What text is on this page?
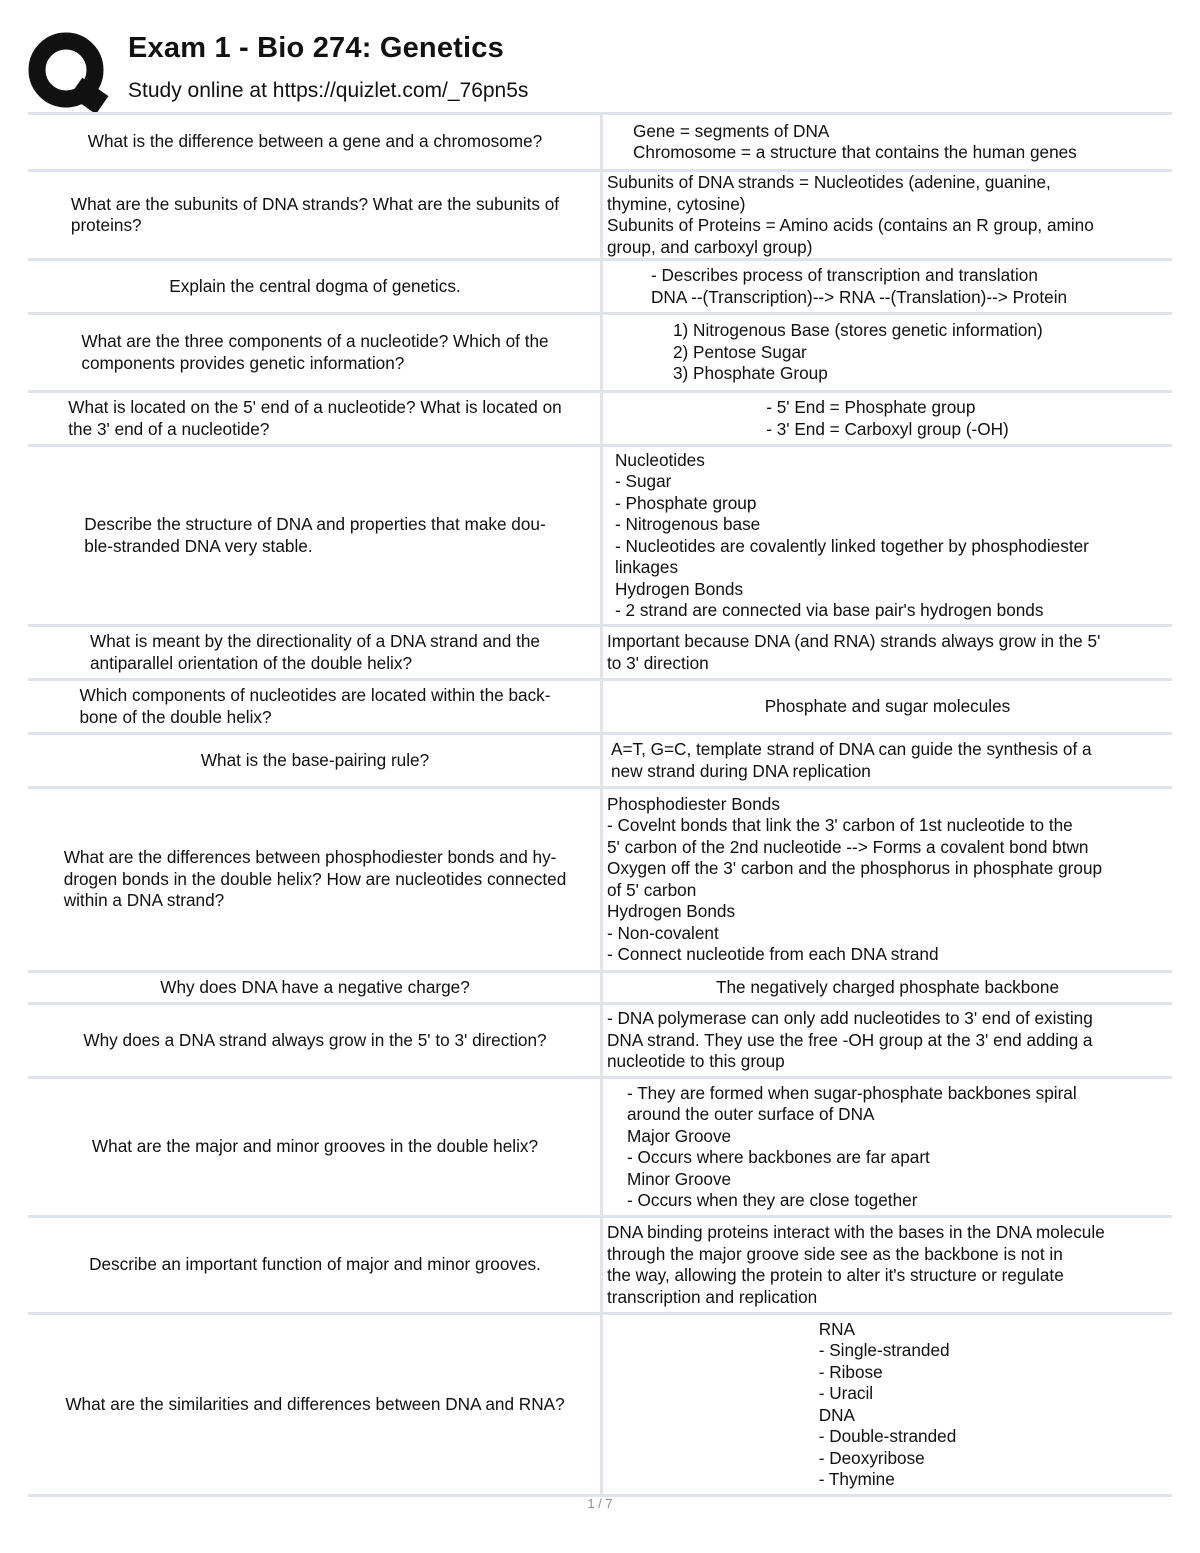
Exam 1 - Bio 274: Genetics
Study online at https://quizlet.com/_76pn5s
What is the difference between a gene and a chromosome?
Gene = segments of DNA
Chromosome = a structure that contains the human genes
What are the subunits of DNA strands? What are the subunits of
proteins?
Subunits of DNA strands = Nucleotides (adenine, guanine,
thymine, cytosine)
Subunits of Proteins = Amino acids (contains an R group, amino
group, and carboxyl group)
Explain the central dogma of genetics.
- Describes process of transcription and translation
DNA --(Transcription)--> RNA --(Translation)--> Protein
What are the three components of a nucleotide? Which of the
components provides genetic information?
1) Nitrogenous Base (stores genetic information)
2) Pentose Sugar
3) Phosphate Group
What is located on the 5' end of a nucleotide? What is located on
the 3' end of a nucleotide?
- 5' End = Phosphate group
- 3' End = Carboxyl group (-OH)
Describe the structure of DNA and properties that make dou-
ble-stranded DNA very stable.
Nucleotides
- Sugar
- Phosphate group
- Nitrogenous base
- Nucleotides are covalently linked together by phosphodiester
linkages
Hydrogen Bonds
- 2 strand are connected via base pair's hydrogen bonds
What is meant by the directionality of a DNA strand and the
antiparallel orientation of the double helix?
Important because DNA (and RNA) strands always grow in the 5'
to 3' direction
Which components of nucleotides are located within the back-
bone of the double helix?
Phosphate and sugar molecules
What is the base-pairing rule?
A=T, G=C, template strand of DNA can guide the synthesis of a
new strand during DNA replication
What are the differences between phosphodiester bonds and hy-
drogen bonds in the double helix? How are nucleotides connected
within a DNA strand?
Phosphodiester Bonds
- Covelnt bonds that link the 3' carbon of 1st nucleotide to the
5' carbon of the 2nd nucleotide --> Forms a covalent bond btwn
Oxygen off the 3' carbon and the phosphorus in phosphate group
of 5' carbon
Hydrogen Bonds
- Non-covalent
- Connect nucleotide from each DNA strand
Why does DNA have a negative charge?	The negatively charged phosphate backbone
Why does a DNA strand always grow in the 5' to 3' direction?
- DNA polymerase can only add nucleotides to 3' end of existing
DNA strand. They use the free -OH group at the 3' end adding a
nucleotide to this group
What are the major and minor grooves in the double helix?
- They are formed when sugar-phosphate backbones spiral
around the outer surface of DNA
Major Groove
- Occurs where backbones are far apart
Minor Groove
- Occurs when they are close together
Describe an important function of major and minor grooves.
DNA binding proteins interact with the bases in the DNA molecule
through the major groove side see as the backbone is not in
the way, allowing the protein to alter it's structure or regulate
transcription and replication
What are the similarities and differences between DNA and RNA?
RNA
- Single-stranded
- Ribose
- Uracil
DNA
- Double-stranded
- Deoxyribose
- Thymine
1 / 7
